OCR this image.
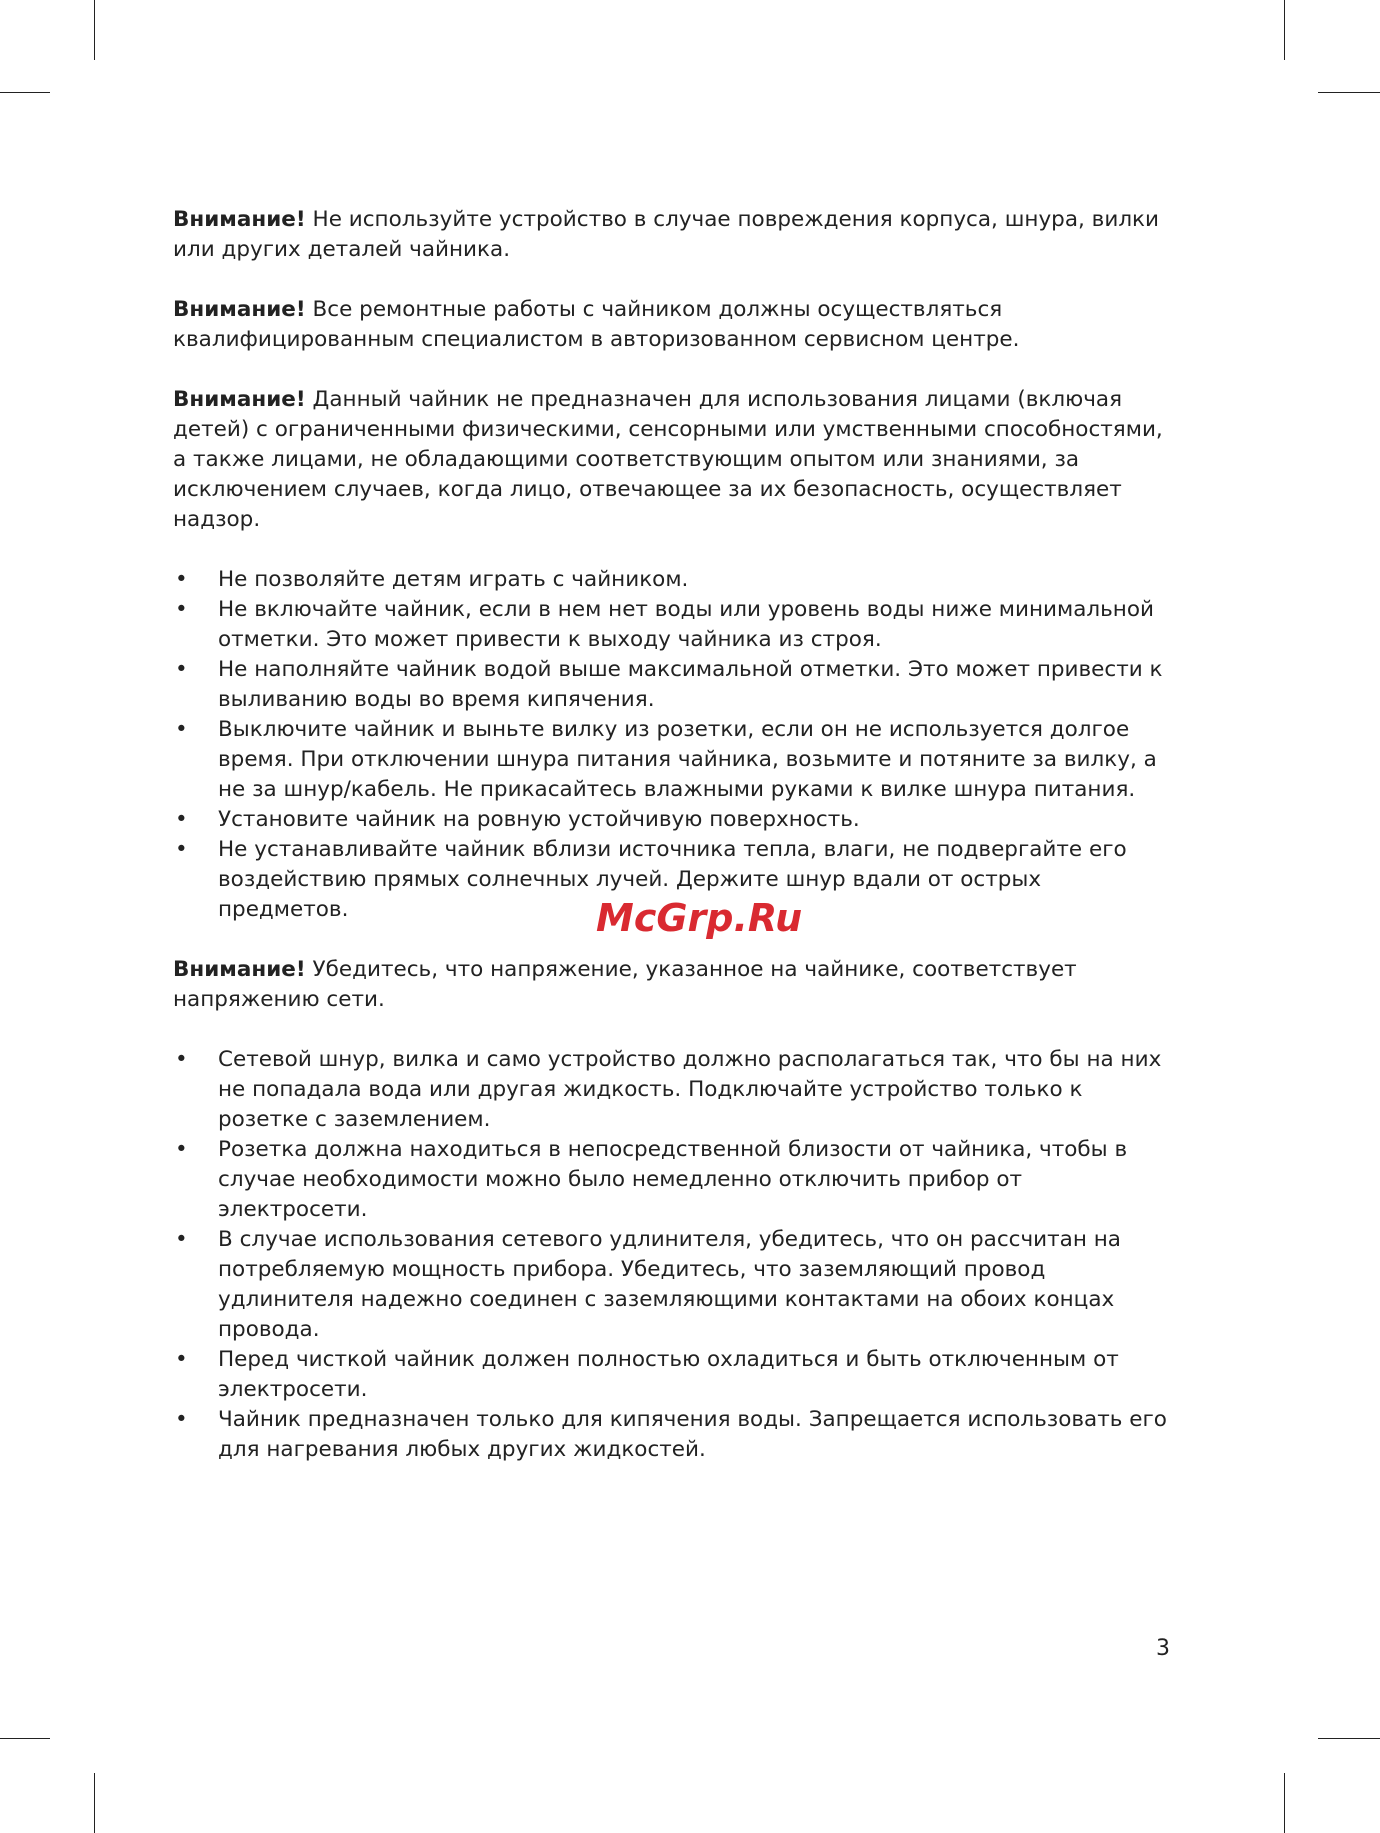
Внимание! Не используйте устройство в случае повреждения корпуса, шнура, вилки или других деталей чайника.

Внимание! Все ремонтные работы с чайником должны осуществляться квалифицированным специалистом в авторизованном сервисном центре.

Внимание! Данный чайник не предназначен для использования лицами (включая детей) с ограниченными физическими, сенсорными или умственными способностями, а также лицами, не обладающими соответствующим опытом или знаниями, за исключением случаев, когда лицо, отвечающее за их безопасность, осуществляет надзор.

• Не позволяйте детям играть с чайником.
• Не включайте чайник, если в нем нет воды или уровень воды ниже минимальной отметки. Это может привести к выходу чайника из строя.
• Не наполняйте чайник водой выше максимальной отметки. Это может привести к выливанию воды во время кипячения.
• Выключите чайник и выньте вилку из розетки, если он не используется долгое время. При отключении шнура питания чайника, возьмите и потяните за вилку, а не за шнур/кабель. Не прикасайтесь влажными руками к вилке шнура питания.
• Установите чайник на ровную устойчивую поверхность.
• Не устанавливайте чайник вблизи источника тепла, влаги, не подвергайте его воздействию прямых солнечных лучей. Держите шнур вдали от острых предметов.

Внимание! Убедитесь, что напряжение, указанное на чайнике, соответствует напряжению сети.

• Сетевой шнур, вилка и само устройство должно располагаться так, что бы на них не попадала вода или другая жидкость. Подключайте устройство только к розетке с заземлением.
• Розетка должна находиться в непосредственной близости от чайника, чтобы в случае необходимости можно было немедленно отключить прибор от электросети.
• В случае использования сетевого удлинителя, убедитесь, что он рассчитан на потребляемую мощность прибора. Убедитесь, что заземляющий провод удлинителя надежно соединен с заземляющими контактами на обоих концах провода.
• Перед чисткой чайник должен полностью охладиться и быть отключенным от электросети.
• Чайник предназначен только для кипячения воды. Запрещается использовать его для нагревания любых других жидкостей.
McGrp.Ru
3
